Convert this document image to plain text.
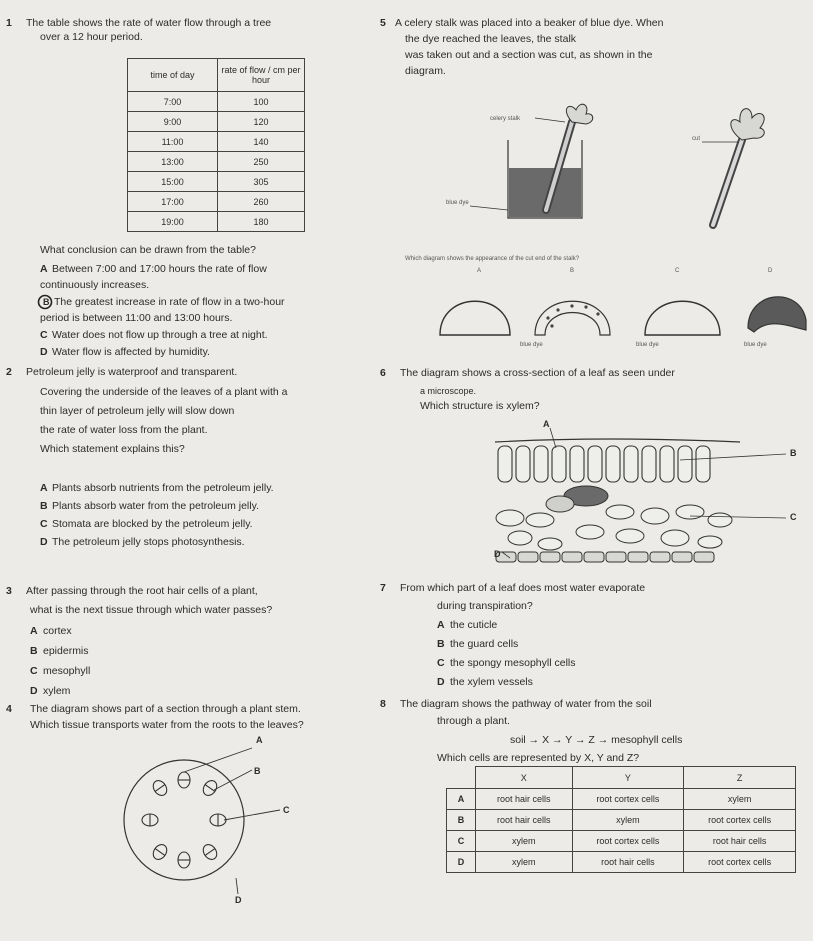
1 The table shows the rate of water flow through a tree
over a 12 hour period.
time of day	rate of flow / cm per hour
7:00	100
9:00	120
11:00	140
13:00	250
15:00	305
17:00	260
19:00	180
What conclusion can be drawn from the table?
A Between 7:00 and 17:00 hours the rate of flow
continuously increases.
B The greatest increase in rate of flow in a two-hour
period is between 11:00 and 13:00 hours.
C Water does not flow up through a tree at night.
D Water flow is affected by humidity.
2 Petroleum jelly is waterproof and transparent.
Covering the underside of the leaves of a plant with a
thin layer of petroleum jelly will slow down
the rate of water loss from the plant.
Which statement explains this?
A Plants absorb nutrients from the petroleum jelly.
B Plants absorb water from the petroleum jelly.
C Stomata are blocked by the petroleum jelly.
D The petroleum jelly stops photosynthesis.
3 After passing through the root hair cells of a plant,
what is the next tissue through which water passes?
A cortex
B epidermis
C mesophyll
D xylem
4 The diagram shows part of a section through a plant stem.
Which tissue transports water from the roots to the leaves?
A
B
C
D
5 A celery stalk was placed into a beaker of blue dye. When
the dye reached the leaves, the stalk
was taken out and a section was cut, as shown in the
diagram.
celery stalk
blue dye
cut
Which diagram shows the appearance of the cut end of the stalk?
A	B	C	D
blue dye	blue dye	blue dye
6 The diagram shows a cross-section of a leaf as seen under
a microscope.
Which structure is xylem?
A
B
C
D
7 From which part of a leaf does most water evaporate
during transpiration?
A the cuticle
B the guard cells
C the spongy mesophyll cells
D the xylem vessels
8 The diagram shows the pathway of water from the soil
through a plant.
soil → X → Y → Z → mesophyll cells
Which cells are represented by X, Y and Z?
	X	Y	Z
A	root hair cells	root cortex cells	xylem
B	root hair cells	xylem	root cortex cells
C	xylem	root cortex cells	root hair cells
D	xylem	root hair cells	root cortex cells
